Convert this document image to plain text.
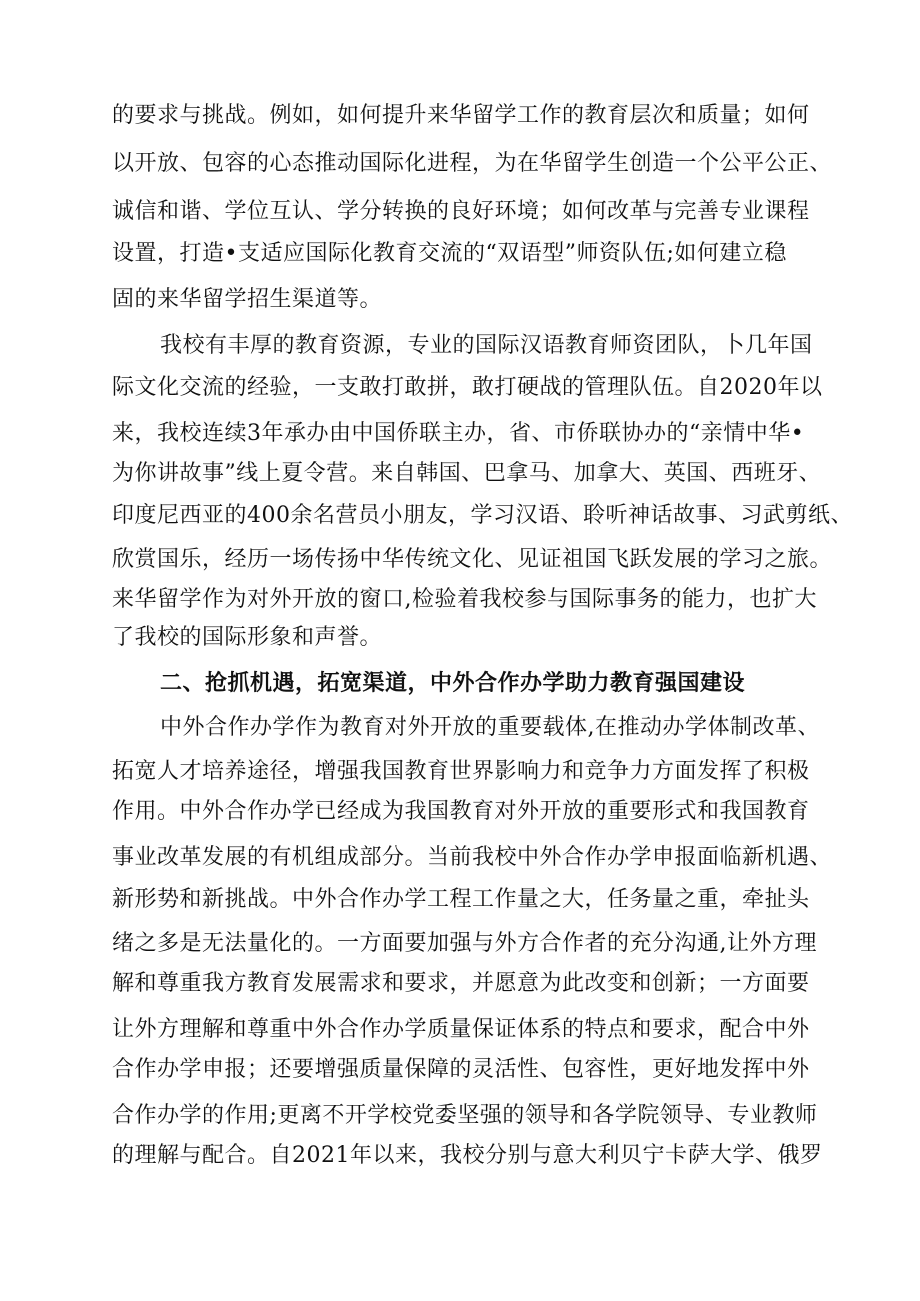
的要求与挑战。例如，如何提升来华留学工作的教育层次和质量；如何
以开放、包容的心态推动国际化进程，为在华留学生创造一个公平公正、
诚信和谐、学位互认、学分转换的良好环境；如何改革与完善专业课程
设置，打造•支适应国际化教育交流的“双语型”师资队伍;如何建立稳
固的来华留学招生渠道等。
我校有丰厚的教育资源，专业的国际汉语教育师资团队，卜几年国
际文化交流的经验，一支敢打敢拼，敢打硬战的管理队伍。自2020年以
来，我校连续3年承办由中国侨联主办，省、市侨联协办的“亲情中华•
为你讲故事”线上夏令营。来自韩国、巴拿马、加拿大、英国、西班牙、
印度尼西亚的400余名营员小朋友，学习汉语、聆听神话故事、习武剪纸、
欣赏国乐，经历一场传扬中华传统文化、见证祖国飞跃发展的学习之旅。
来华留学作为对外开放的窗口,检验着我校参与国际事务的能力，也扩大
了我校的国际形象和声誉。
二、抢抓机遇，拓宽渠道，中外合作办学助力教育强国建设
中外合作办学作为教育对外开放的重要载体,在推动办学体制改革、
拓宽人才培养途径，增强我国教育世界影响力和竞争力方面发挥了积极
作用。中外合作办学已经成为我国教育对外开放的重要形式和我国教育
事业改革发展的有机组成部分。当前我校中外合作办学申报面临新机遇、
新形势和新挑战。中外合作办学工程工作量之大，任务量之重，牵扯头
绪之多是无法量化的。一方面要加强与外方合作者的充分沟通,让外方理
解和尊重我方教育发展需求和要求，并愿意为此改变和创新；一方面要
让外方理解和尊重中外合作办学质量保证体系的特点和要求，配合中外
合作办学申报；还要增强质量保障的灵活性、包容性，更好地发挥中外
合作办学的作用;更离不开学校党委坚强的领导和各学院领导、专业教师
的理解与配合。自2021年以来，我校分别与意大利贝宁卡萨大学、俄罗
